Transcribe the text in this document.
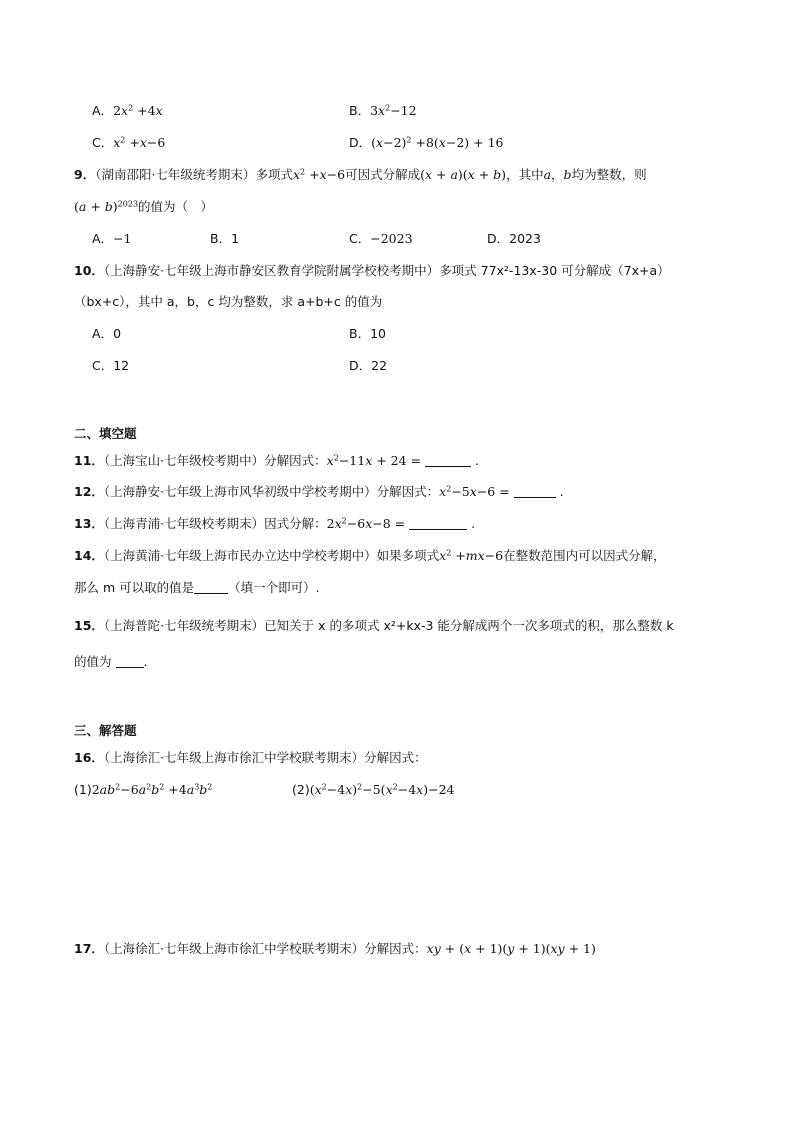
A．$2x^2 +4x$	B．$3x^2-12$
C．$x^2 +x-6$	D．$(x-2)^2 +8(x-2) + 16$
9．（湖南邵阳·七年级统考期末）多项式$x^2 +x-6$可因式分解成(x + a)(x + b)，其中a，b均为整数，则
$(a + b)^{2023}$的值为（　）
A．−1	B．1	C．−2023	D．2023
10．（上海静安·七年级上海市静安区教育学院附属学校校考期中）多项式 77x²-13x-30 可分解成（7x+a）
（bx+c），其中 a，b，c 均为整数，求 a+b+c 的值为
A．0	B．10
C．12	D．22
二、填空题
11．（上海宝山·七年级校考期中）分解因式：$x^2-11x + 24$ =	.
12．（上海静安·七年级上海市风华初级中学校考期中）分解因式：$x^2-5x-6$ =	.
13．（上海青浦·七年级校考期末）因式分解：$2x^2-6x-8$ =	.
14．（上海黄浦·七年级上海市民办立达中学校考期中）如果多项式$x^2 +mx-6$在整数范围内可以因式分解，
那么 m 可以取的值是	（填一个即可）.
15．（上海普陀·七年级统考期末）已知关于 x 的多项式 x²+kx-3 能分解成两个一次多项式的积，那么整数 k
的值为	.
三、解答题
16．（上海徐汇·七年级上海市徐汇中学校联考期末）分解因式：
$(1)2ab^2-6a^2b^2 +4a^3b^2$	$(2)(x^2-4x)^2-5(x^2-4x)-24$
17．（上海徐汇·七年级上海市徐汇中学校联考期末）分解因式：xy + (x + 1)(y + 1)(xy + 1)
